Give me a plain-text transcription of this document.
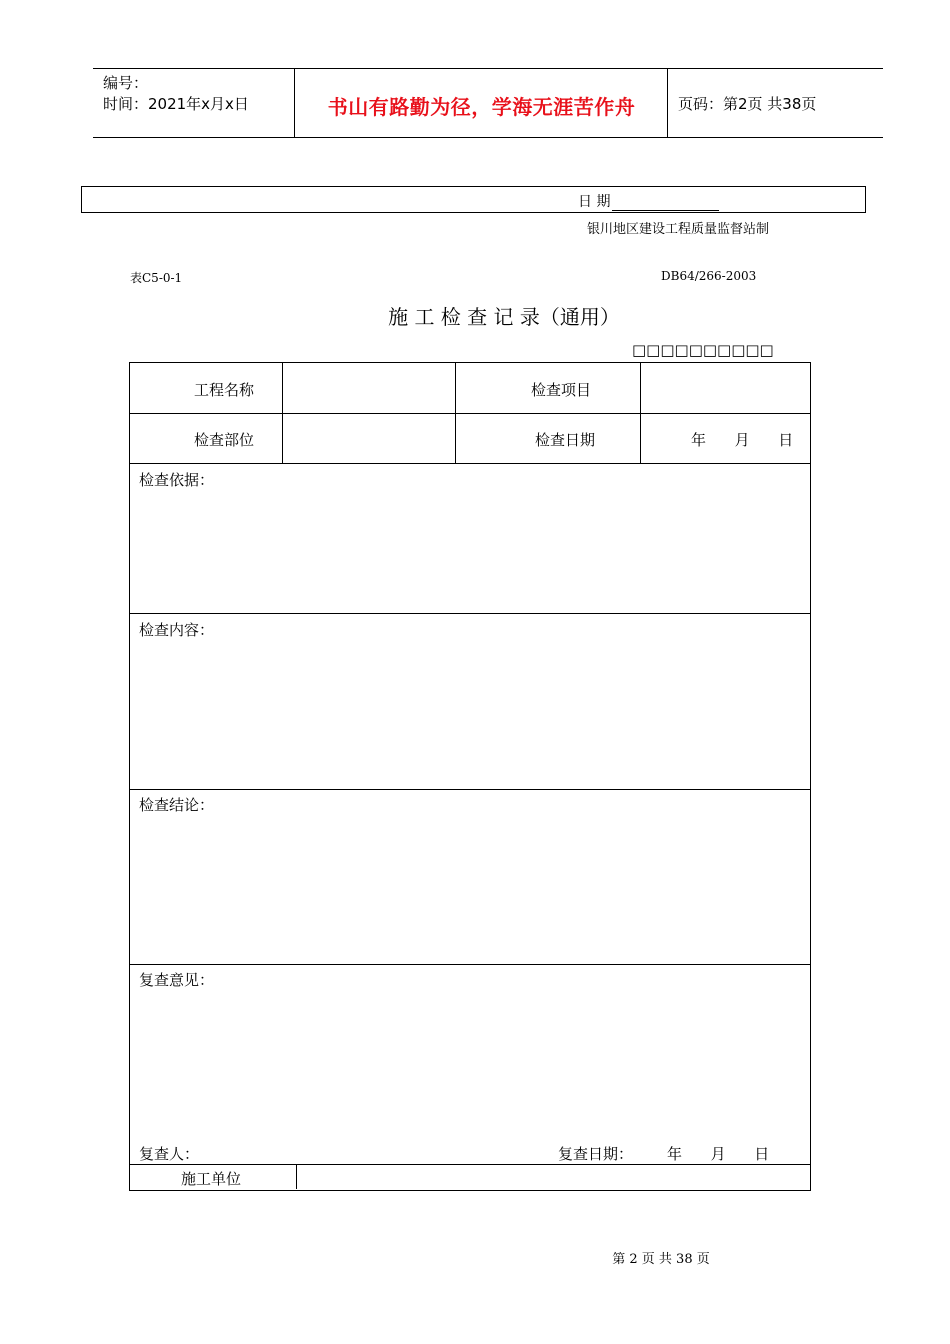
编号：
时间：2021年x月x日	书山有路勤为径，学海无涯苦作舟	页码：第2页 共38页
日 期
银川地区建设工程质量监督站制
表C5-0-1	DB64/266-2003
施 工 检 查 记 录（通用）
□□□□□□□□□□
工程名称	检查项目
检查部位	检查日期	年      月      日
检查依据：
检查内容：
检查结论：
复查意见：
复查人：	复查日期： 年      月      日
施工单位
第 2 页 共 38 页
